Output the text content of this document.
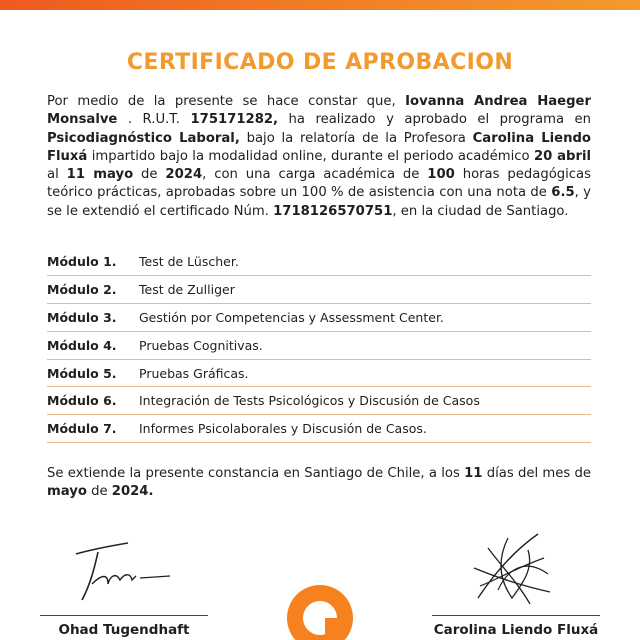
CERTIFICADO DE APROBACION

Por medio de la presente se hace constar que, Iovanna Andrea Haeger Monsalve . R.U.T. 175171282, ha realizado y aprobado el programa en Psicodiagnóstico Laboral, bajo la relatoría de la Profesora Carolina Liendo Fluxá impartido bajo la modalidad online, durante el periodo académico 20 abril al 11 mayo de 2024, con una carga académica de 100 horas pedagógicas teórico prácticas, aprobadas sobre un 100 % de asistencia con una nota de 6.5, y se le extendió el certificado Núm. 1718126570751, en la ciudad de Santiago.

Módulo 1.	Test de Lüscher.
Módulo 2.	Test de Zulliger
Módulo 3.	Gestión por Competencias y Assessment Center.
Módulo 4.	Pruebas Cognitivas.
Módulo 5.	Pruebas Gráficas.
Módulo 6.	Integración de Tests Psicológicos y Discusión de Casos
Módulo 7.	Informes Psicolaborales y Discusión de Casos.

Se extiende la presente constancia en Santiago de Chile, a los 11 días del mes de mayo de 2024.

Ohad Tugendhaft	Carolina Liendo Fluxá
